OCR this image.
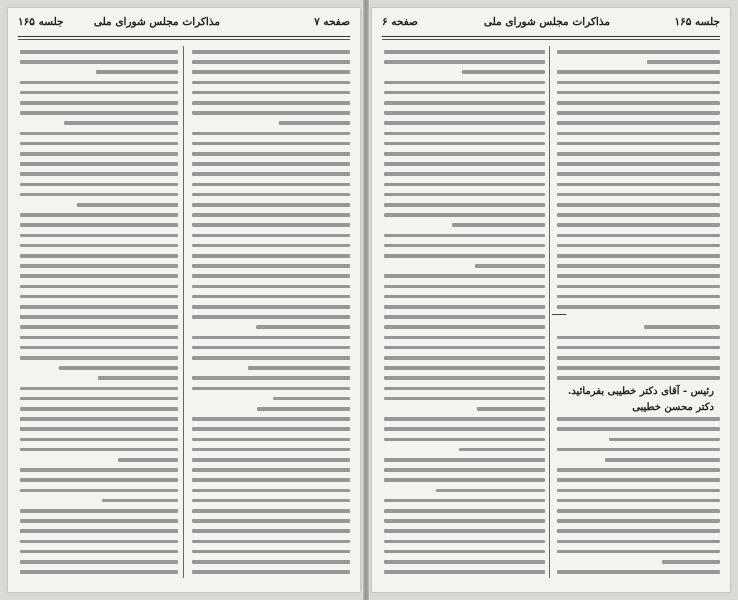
صفحه ۷
مذاکرات مجلس شورای ملی
جلسه ۱۶۵	صفحه ۶	مذاکرات مجلس شورای ملی	جلسه ۱۶۵
رئیس - آقای دکتر خطیبی بفرمائید.
دکتر محسن خطیبی
